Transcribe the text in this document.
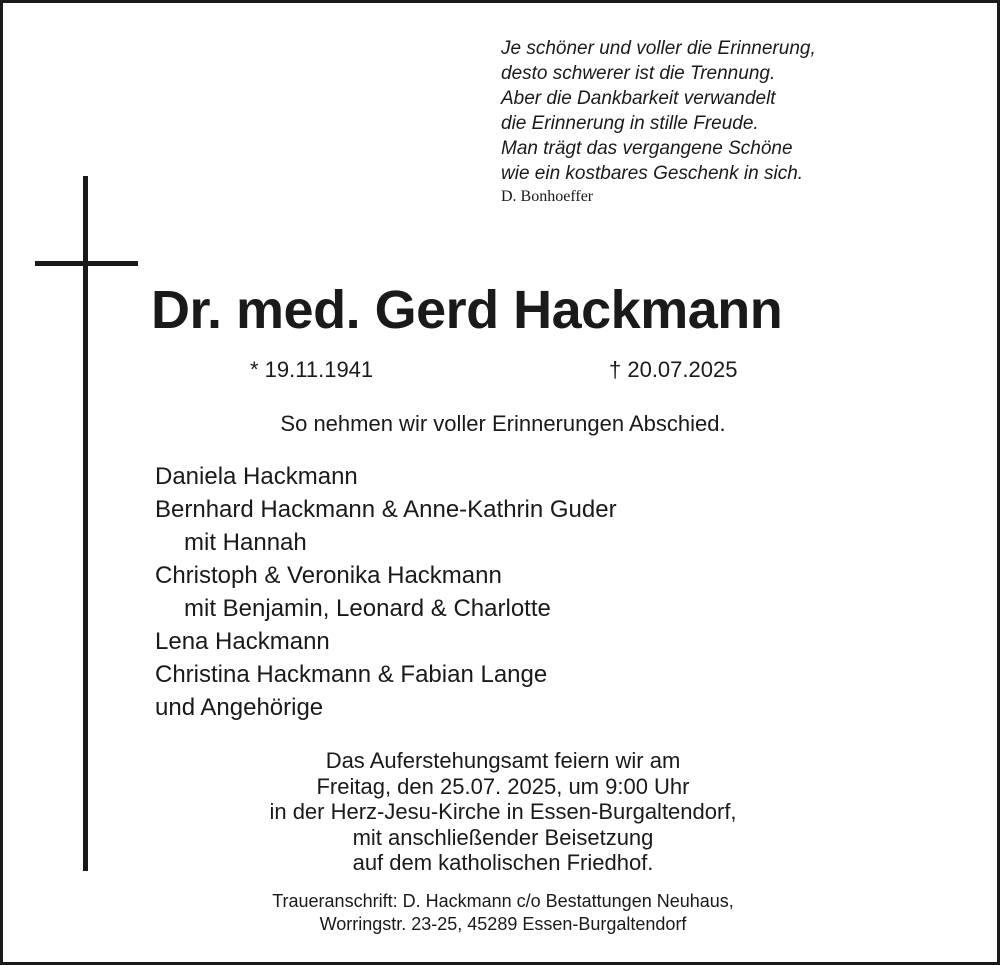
Je schöner und voller die Erinnerung,
desto schwerer ist die Trennung.
Aber die Dankbarkeit verwandelt
die Erinnerung in stille Freude.
Man trägt das vergangene Schöne
wie ein kostbares Geschenk in sich.
D. Bonhoeffer
Dr. med. Gerd Hackmann
* 19.11.1941	† 20.07.2025
So nehmen wir voller Erinnerungen Abschied.
Daniela Hackmann
Bernhard Hackmann & Anne-Kathrin Guder
mit Hannah
Christoph & Veronika Hackmann
mit Benjamin, Leonard & Charlotte
Lena Hackmann
Christina Hackmann & Fabian Lange
und Angehörige
Das Auferstehungsamt feiern wir am
Freitag, den 25.07. 2025, um 9:00 Uhr
in der Herz-Jesu-Kirche in Essen-Burgaltendorf,
mit anschließender Beisetzung
auf dem katholischen Friedhof.
Traueranschrift: D. Hackmann c/o Bestattungen Neuhaus,
Worringstr. 23-25, 45289 Essen-Burgaltendorf
